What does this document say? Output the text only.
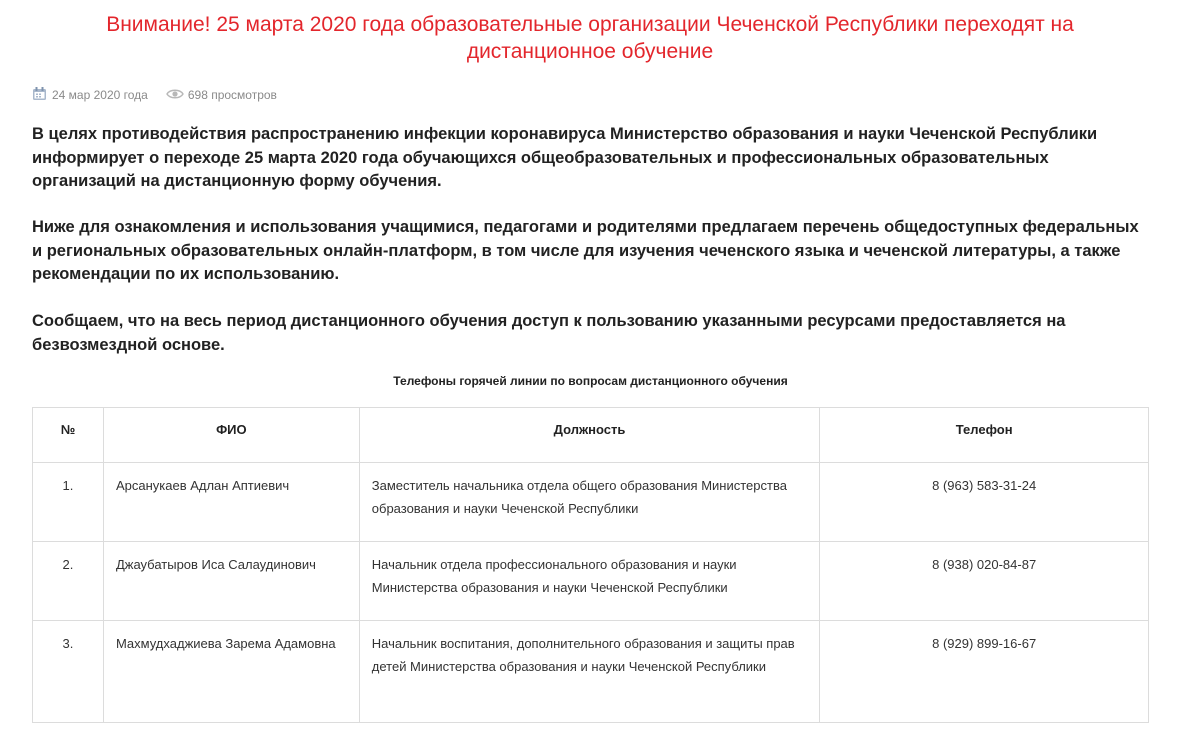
Внимание! 25 марта 2020 года образовательные организации Чеченской Республики переходят на дистанционное обучение
24 мар 2020 года	698 просмотров

В целях противодействия распространению инфекции коронавируса Министерство образования и науки Чеченской Республики информирует о переходе 25 марта 2020 года обучающихся общеобразовательных и профессиональных образовательных организаций на дистанционную форму обучения.

Ниже для ознакомления и использования учащимися, педагогами и родителями предлагаем перечень общедоступных федеральных и региональных образовательных онлайн-платформ, в том числе для изучения чеченского языка и чеченской литературы, а также рекомендации по их использованию.

Сообщаем, что на весь период дистанционного обучения доступ к пользованию указанными ресурсами предоставляется на безвозмездной основе.

Телефоны горячей линии по вопросам дистанционного обучения
№	ФИО	Должность	Телефон
1.	Арсанукаев Адлан Аптиевич	Заместитель начальника отдела общего образования Министерства образования и науки Чеченской Республики	8 (963) 583-31-24
2.	Джаубатыров Иса Салаудинович	Начальник отдела профессионального образования и науки Министерства образования и науки Чеченской Республики	8 (938) 020-84-87
3.	Махмудхаджиева Зарема Адамовна	Начальник воспитания, дополнительного образования и защиты прав детей Министерства образования и науки Чеченской Республики	8 (929) 899-16-67
